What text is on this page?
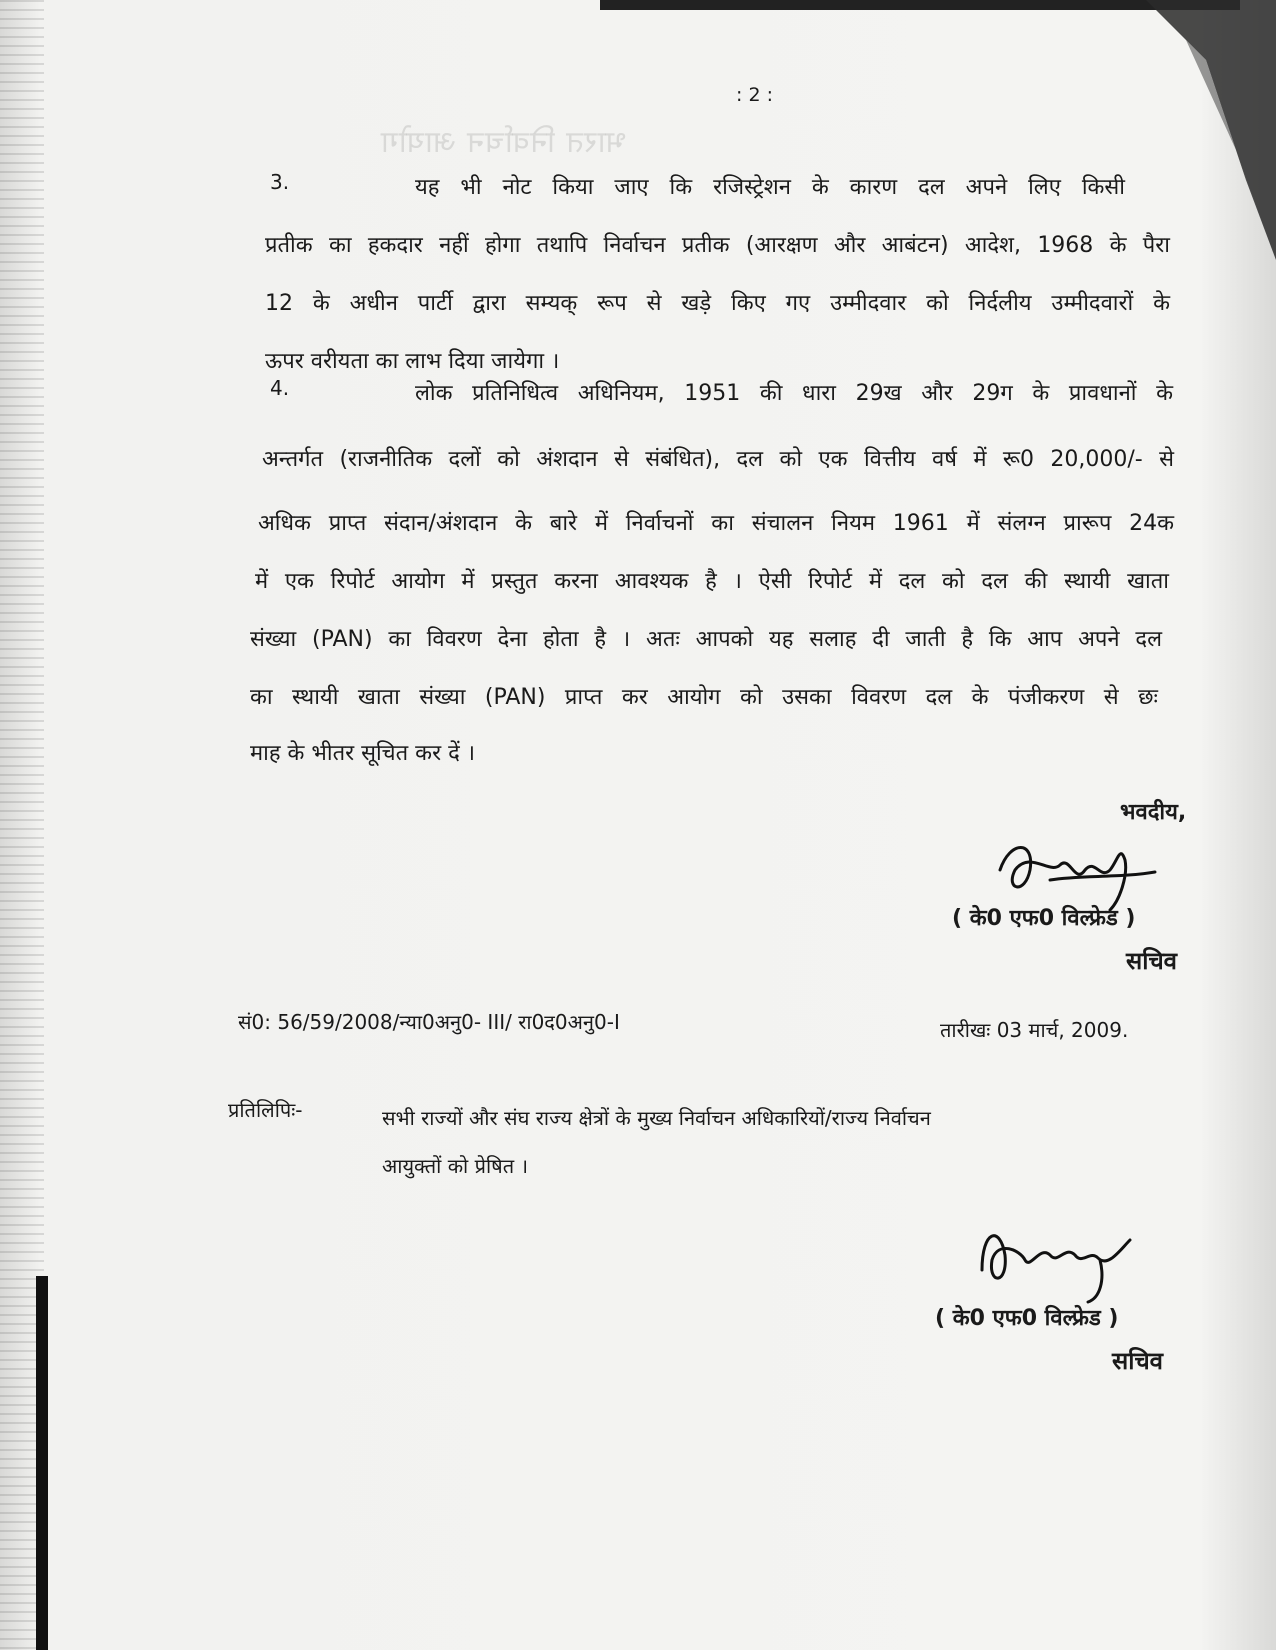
भारत निर्वाचन आयोग

: 2 :
3.	यह भी नोट किया जाए कि रजिस्ट्रेशन के कारण दल अपने लिए किसी
प्रतीक का हकदार नहीं होगा तथापि निर्वाचन प्रतीक (आरक्षण और आबंटन) आदेश, 1968 के पैरा
12 के अधीन पार्टी द्वारा सम्यक् रूप से खड़े किए गए उम्मीदवार को निर्दलीय उम्मीदवारों के
ऊपर वरीयता का लाभ दिया जायेगा ।
4.	लोक प्रतिनिधित्व अधिनियम, 1951 की धारा 29ख और 29ग के प्रावधानों के
अन्तर्गत (राजनीतिक दलों को अंशदान से संबंधित), दल को एक वित्तीय वर्ष में रू0 20,000/- से
अधिक प्राप्त संदान/अंशदान के बारे में निर्वाचनों का संचालन नियम 1961 में संलग्न प्रारूप 24क
में एक रिपोर्ट आयोग में प्रस्तुत करना आवश्यक है । ऐसी रिपोर्ट में दल को दल की स्थायी खाता
संख्या (PAN) का विवरण देना होता है । अतः आपको यह सलाह दी जाती है कि आप अपने दल
का स्थायी खाता संख्या (PAN) प्राप्त कर आयोग को उसका विवरण दल के पंजीकरण से छः
माह के भीतर सूचित कर दें ।
भवदीय,
( के0 एफ0 विल्फ्रेड )
सचिव
सं0: 56/59/2008/न्या0अनु0- III/ रा0द0अनु0-I	तारीखः 03 मार्च, 2009.
प्रतिलिपिः-	सभी राज्यों और संघ राज्य क्षेत्रों के मुख्य निर्वाचन अधिकारियों/राज्य निर्वाचन
आयुक्तों को प्रेषित ।
( के0 एफ0 विल्फ्रेड )
सचिव
